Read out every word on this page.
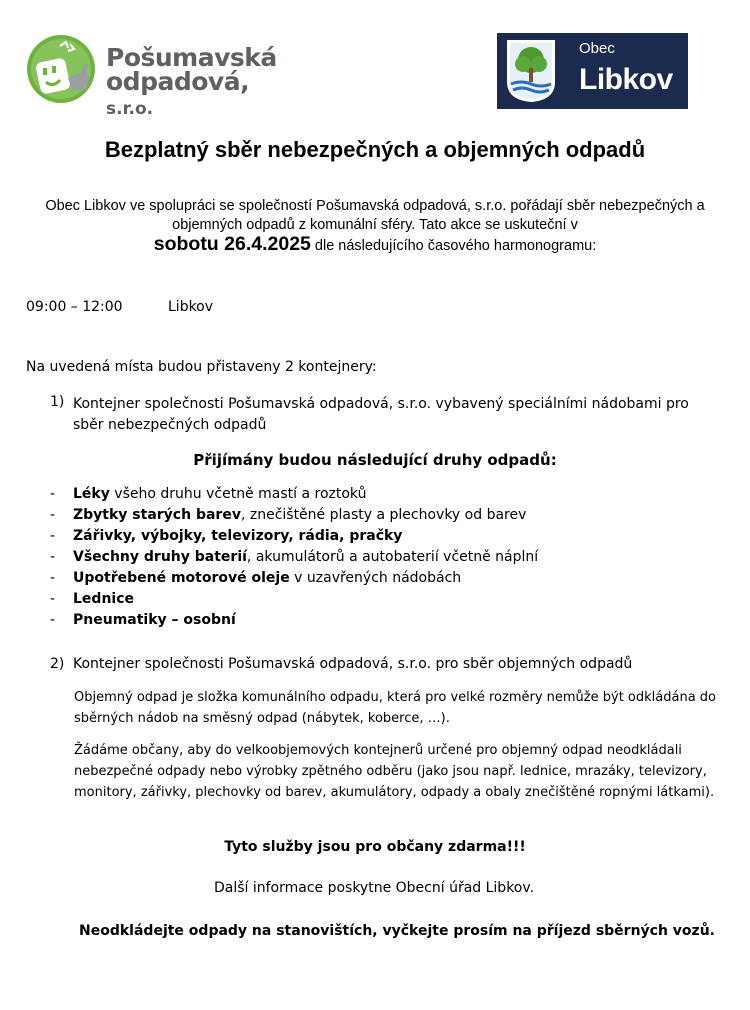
Pošumavská
odpadová, s.r.o.
Obec
Libkov
Bezplatný sběr nebezpečných a objemných odpadů
Obec Libkov ve spolupráci se společností Pošumavská odpadová, s.r.o. pořádají sběr nebezpečných a objemných odpadů z komunální sféry. Tato akce se uskuteční v
sobotu 26.4.2025 dle následujícího časového harmonogramu:
09:00 – 12:00	Libkov
Na uvedená místa budou přistaveny 2 kontejnery:
1) Kontejner společnosti Pošumavská odpadová, s.r.o. vybavený speciálními nádobami pro sběr nebezpečných odpadů
Přijímány budou následující druhy odpadů:
- Léky všeho druhu včetně mastí a roztoků
- Zbytky starých barev, znečištěné plasty a plechovky od barev
- Zářivky, výbojky, televizory, rádia, pračky
- Všechny druhy baterií, akumulátorů a autobaterií včetně náplní
- Upotřebené motorové oleje v uzavřených nádobách
- Lednice
- Pneumatiky – osobní
2) Kontejner společnosti Pošumavská odpadová, s.r.o. pro sběr objemných odpadů
Objemný odpad je složka komunálního odpadu, která pro velké rozměry nemůže být odkládána do sběrných nádob na směsný odpad (nábytek, koberce, …).
Žádáme občany, aby do velkoobjemových kontejnerů určené pro objemný odpad neodkládali nebezpečné odpady nebo výrobky zpětného odběru (jako jsou např. lednice, mrazáky, televizory, monitory, zářivky, plechovky od barev, akumulátory, odpady a obaly znečištěné ropnými látkami).
Tyto služby jsou pro občany zdarma!!!
Další informace poskytne Obecní úřad Libkov.
Neodkládejte odpady na stanovištích, vyčkejte prosím na příjezd sběrných vozů.
